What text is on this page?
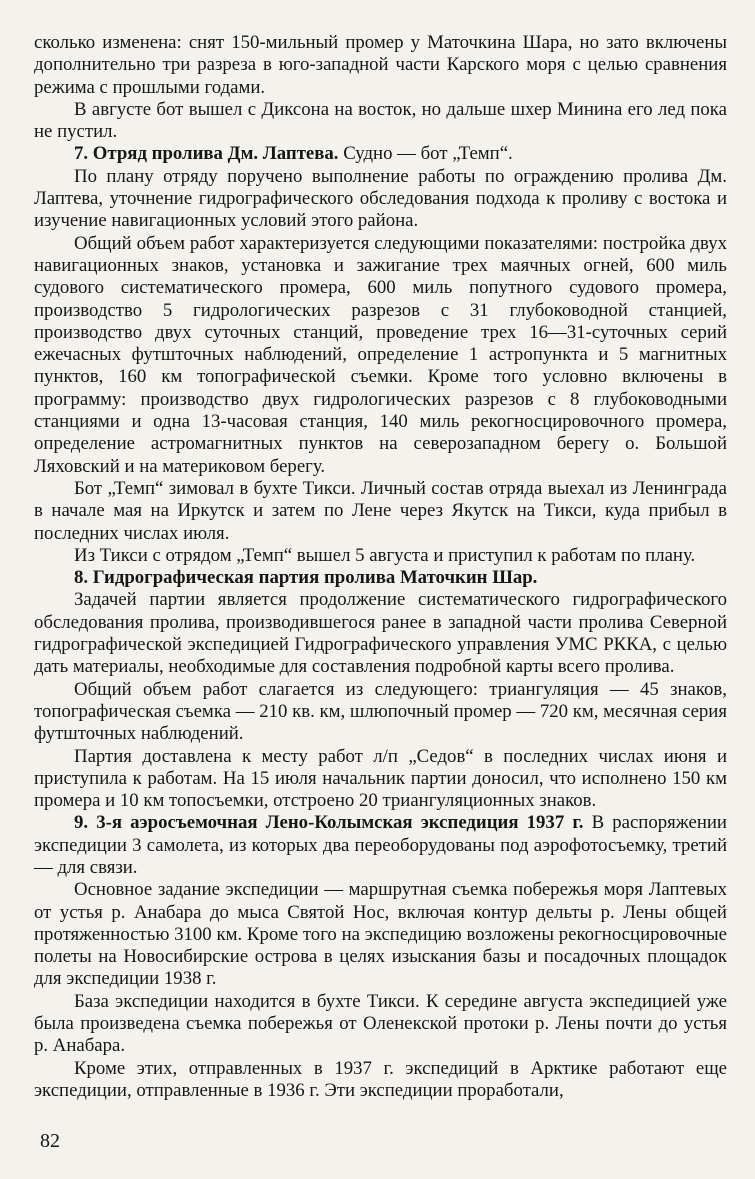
сколько изменена: снят 150-мильный промер у Маточкина Шара, но зато включены дополнительно три разреза в юго-западной части Карского моря с целью сравнения режима с прошлыми годами.

В августе бот вышел с Диксона на восток, но дальше шхер Минина его лед пока не пустил.

7. Отряд пролива Дм. Лаптева. Судно — бот „Темп“.

По плану отряду поручено выполнение работы по ограждению пролива Дм. Лаптева, уточнение гидрографического обследования подхода к проливу с востока и изучение навигационных условий этого района.

Общий объем работ характеризуется следующими показателями: постройка двух навигационных знаков, установка и зажигание трех маячных огней, 600 миль судового систематического промера, 600 миль попутного судового промера, производство 5 гидрологических разрезов с 31 глубоководной станцией, производство двух суточных станций, проведение трех 16—31-суточных серий ежечасных футшточных наблюдений, определение 1 астропункта и 5 магнитных пунктов, 160 км топографической съемки. Кроме того условно включены в программу: производство двух гидрологических разрезов с 8 глубоководными станциями и одна 13-часовая станция, 140 миль рекогносцировочного промера, определение астромагнитных пунктов на северозападном берегу о. Большой Ляховский и на материковом берегу.

Бот „Темп“ зимовал в бухте Тикси. Личный состав отряда выехал из Ленинграда в начале мая на Иркутск и затем по Лене через Якутск на Тикси, куда прибыл в последних числах июля.

Из Тикси с отрядом „Темп“ вышел 5 августа и приступил к работам по плану.

8. Гидрографическая партия пролива Маточкин Шар.

Задачей партии является продолжение систематического гидрографического обследования пролива, производившегося ранее в западной части пролива Северной гидрографической экспедицией Гидрографического управления УМС РККА, с целью дать материалы, необходимые для составления подробной карты всего пролива.

Общий объем работ слагается из следующего: триангуляция — 45 знаков, топографическая съемка — 210 кв. км, шлюпочный промер — 720 км, месячная серия футшточных наблюдений.

Партия доставлена к месту работ л/п „Седов“ в последних числах июня и приступила к работам. На 15 июля начальник партии доносил, что исполнено 150 км промера и 10 км топосъемки, отстроено 20 триангуляционных знаков.

9. 3-я аэросъемочная Лено-Колымская экспедиция 1937 г. В распоряжении экспедиции 3 самолета, из которых два переоборудованы под аэрофотосъемку, третий — для связи.

Основное задание экспедиции — маршрутная съемка побережья моря Лаптевых от устья р. Анабара до мыса Святой Нос, включая контур дельты р. Лены общей протяженностью 3100 км. Кроме того на экспедицию возложены рекогносцировочные полеты на Новосибирские острова в целях изыскания базы и посадочных площадок для экспедиции 1938 г.

База экспедиции находится в бухте Тикси. К середине августа экспедицией уже была произведена съемка побережья от Оленекской протоки р. Лены почти до устья р. Анабара.

Кроме этих, отправленных в 1937 г. экспедиций в Арктике работают еще экспедиции, отправленные в 1936 г. Эти экспедиции проработали,

82
